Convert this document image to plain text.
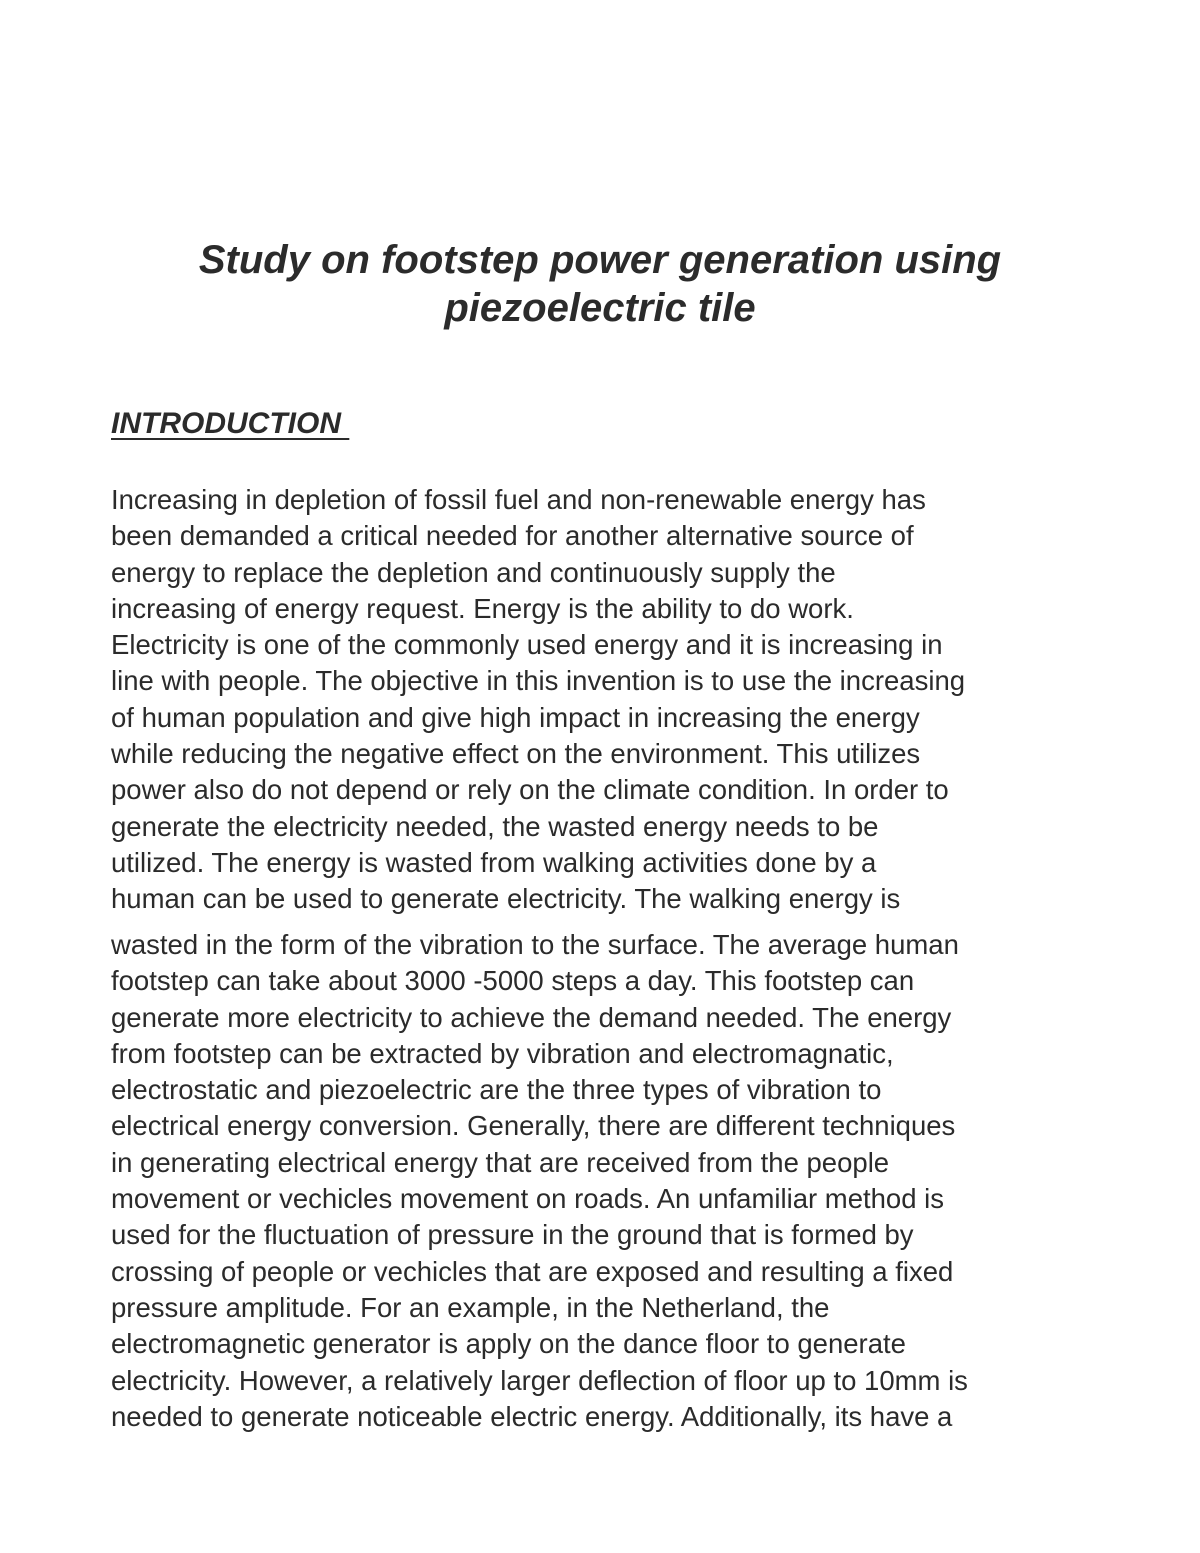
Study on footstep power generation using
piezoelectric tile
INTRODUCTION
Increasing in depletion of fossil fuel and non-renewable energy has
been demanded a critical needed for another alternative source of
energy to replace the depletion and continuously supply the
increasing of energy request. Energy is the ability to do work.
Electricity is one of the commonly used energy and it is increasing in
line with people. The objective in this invention is to use the increasing
of human population and give high impact in increasing the energy
while reducing the negative effect on the environment. This utilizes
power also do not depend or rely on the climate condition. In order to
generate the electricity needed, the wasted energy needs to be
utilized. The energy is wasted from walking activities done by a
human can be used to generate electricity. The walking energy is
wasted in the form of the vibration to the surface. The average human
footstep can take about 3000 -5000 steps a day. This footstep can
generate more electricity to achieve the demand needed. The energy
from footstep can be extracted by vibration and electromagnatic,
electrostatic and piezoelectric are the three types of vibration to
electrical energy conversion. Generally, there are different techniques
in generating electrical energy that are received from the people
movement or vechicles movement on roads. An unfamiliar method is
used for the fluctuation of pressure in the ground that is formed by
crossing of people or vechicles that are exposed and resulting a fixed
pressure amplitude. For an example, in the Netherland, the
electromagnetic generator is apply on the dance floor to generate
electricity. However, a relatively larger deflection of floor up to 10mm is
needed to generate noticeable electric energy. Additionally, its have a
